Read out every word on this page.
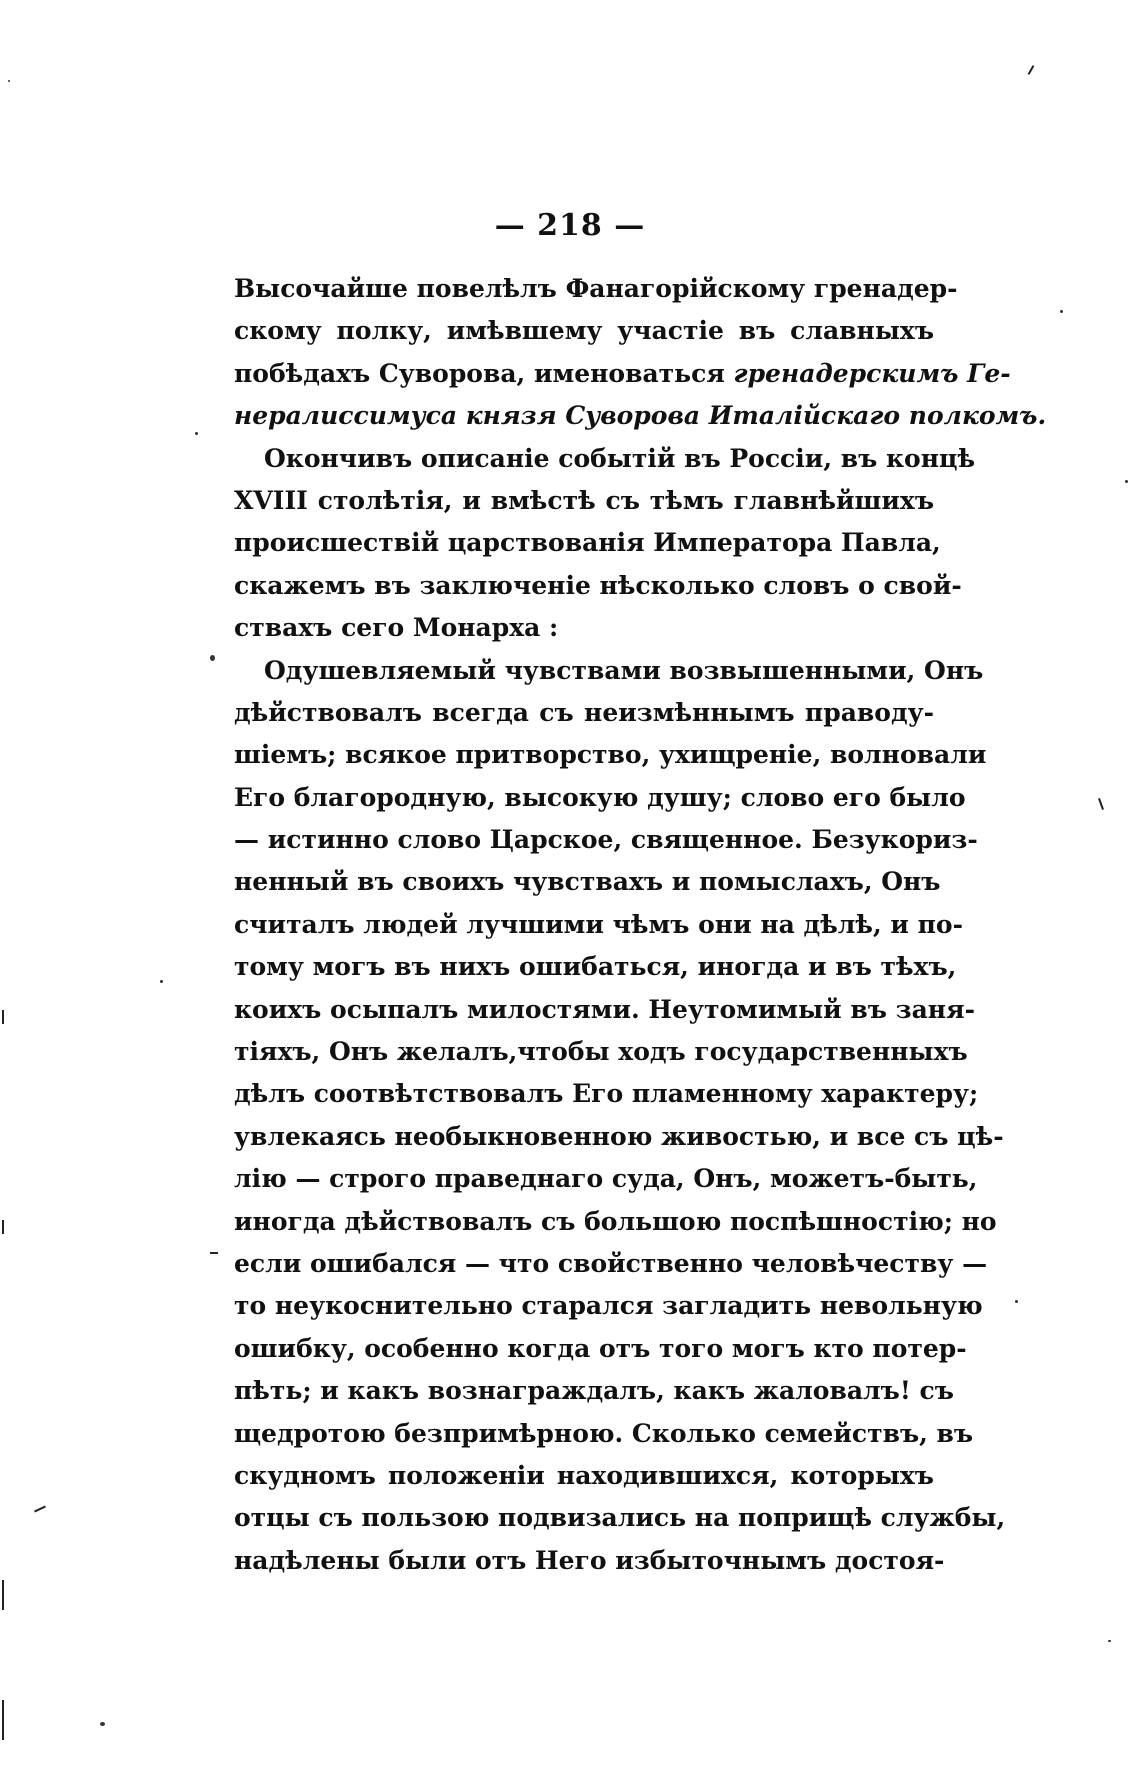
— 218 —
Высочайше повелѣлъ Фанагорійскому гренадер-
скому полку, имѣвшему участіе въ славныхъ
побѣдахъ Суворова, именоваться гренадерскимъ Ге-
нералиссимуса князя Суворова Италійскаго полкомъ.
Окончивъ описаніе событій въ Россіи, въ концѣ
XVIII столѣтія, и вмѣстѣ съ тѣмъ главнѣйшихъ
происшествій царствованія Императора Павла,
скажемъ въ заключеніе нѣсколько словъ о свой-
ствахъ сего Монарха :
Одушевляемый чувствами возвышенными, Онъ
дѣйствовалъ всегда съ неизмѣннымъ праводу-
шіемъ; всякое притворство, ухищреніе, волновали
Его благородную, высокую душу; слово его было
— истинно слово Царское, священное. Безукориз-
ненный въ своихъ чувствахъ и помыслахъ, Онъ
считалъ людей лучшими чѣмъ они на дѣлѣ, и по-
тому могъ въ нихъ ошибаться, иногда и въ тѣхъ,
коихъ осыпалъ милостями. Неутомимый въ заня-
тіяхъ, Онъ желалъ,чтобы ходъ государственныхъ
дѣлъ соотвѣтствовалъ Его пламенному характеру;
увлекаясь необыкновенною живостью, и все съ цѣ-
лію — строго праведнаго суда, Онъ, можетъ-быть,
иногда дѣйствовалъ съ большою поспѣшностію; но
если ошибался — что свойственно человѣчеству —
то неукоснительно старался загладить невольную
ошибку, особенно когда отъ того могъ кто потер-
пѣть; и какъ вознаграждалъ, какъ жаловалъ! съ
щедротою безпримѣрною. Сколько семействъ, въ
скудномъ положеніи находившихся, которыхъ
отцы съ пользою подвизались на поприщѣ службы,
надѣлены были отъ Него избыточнымъ достоя-
